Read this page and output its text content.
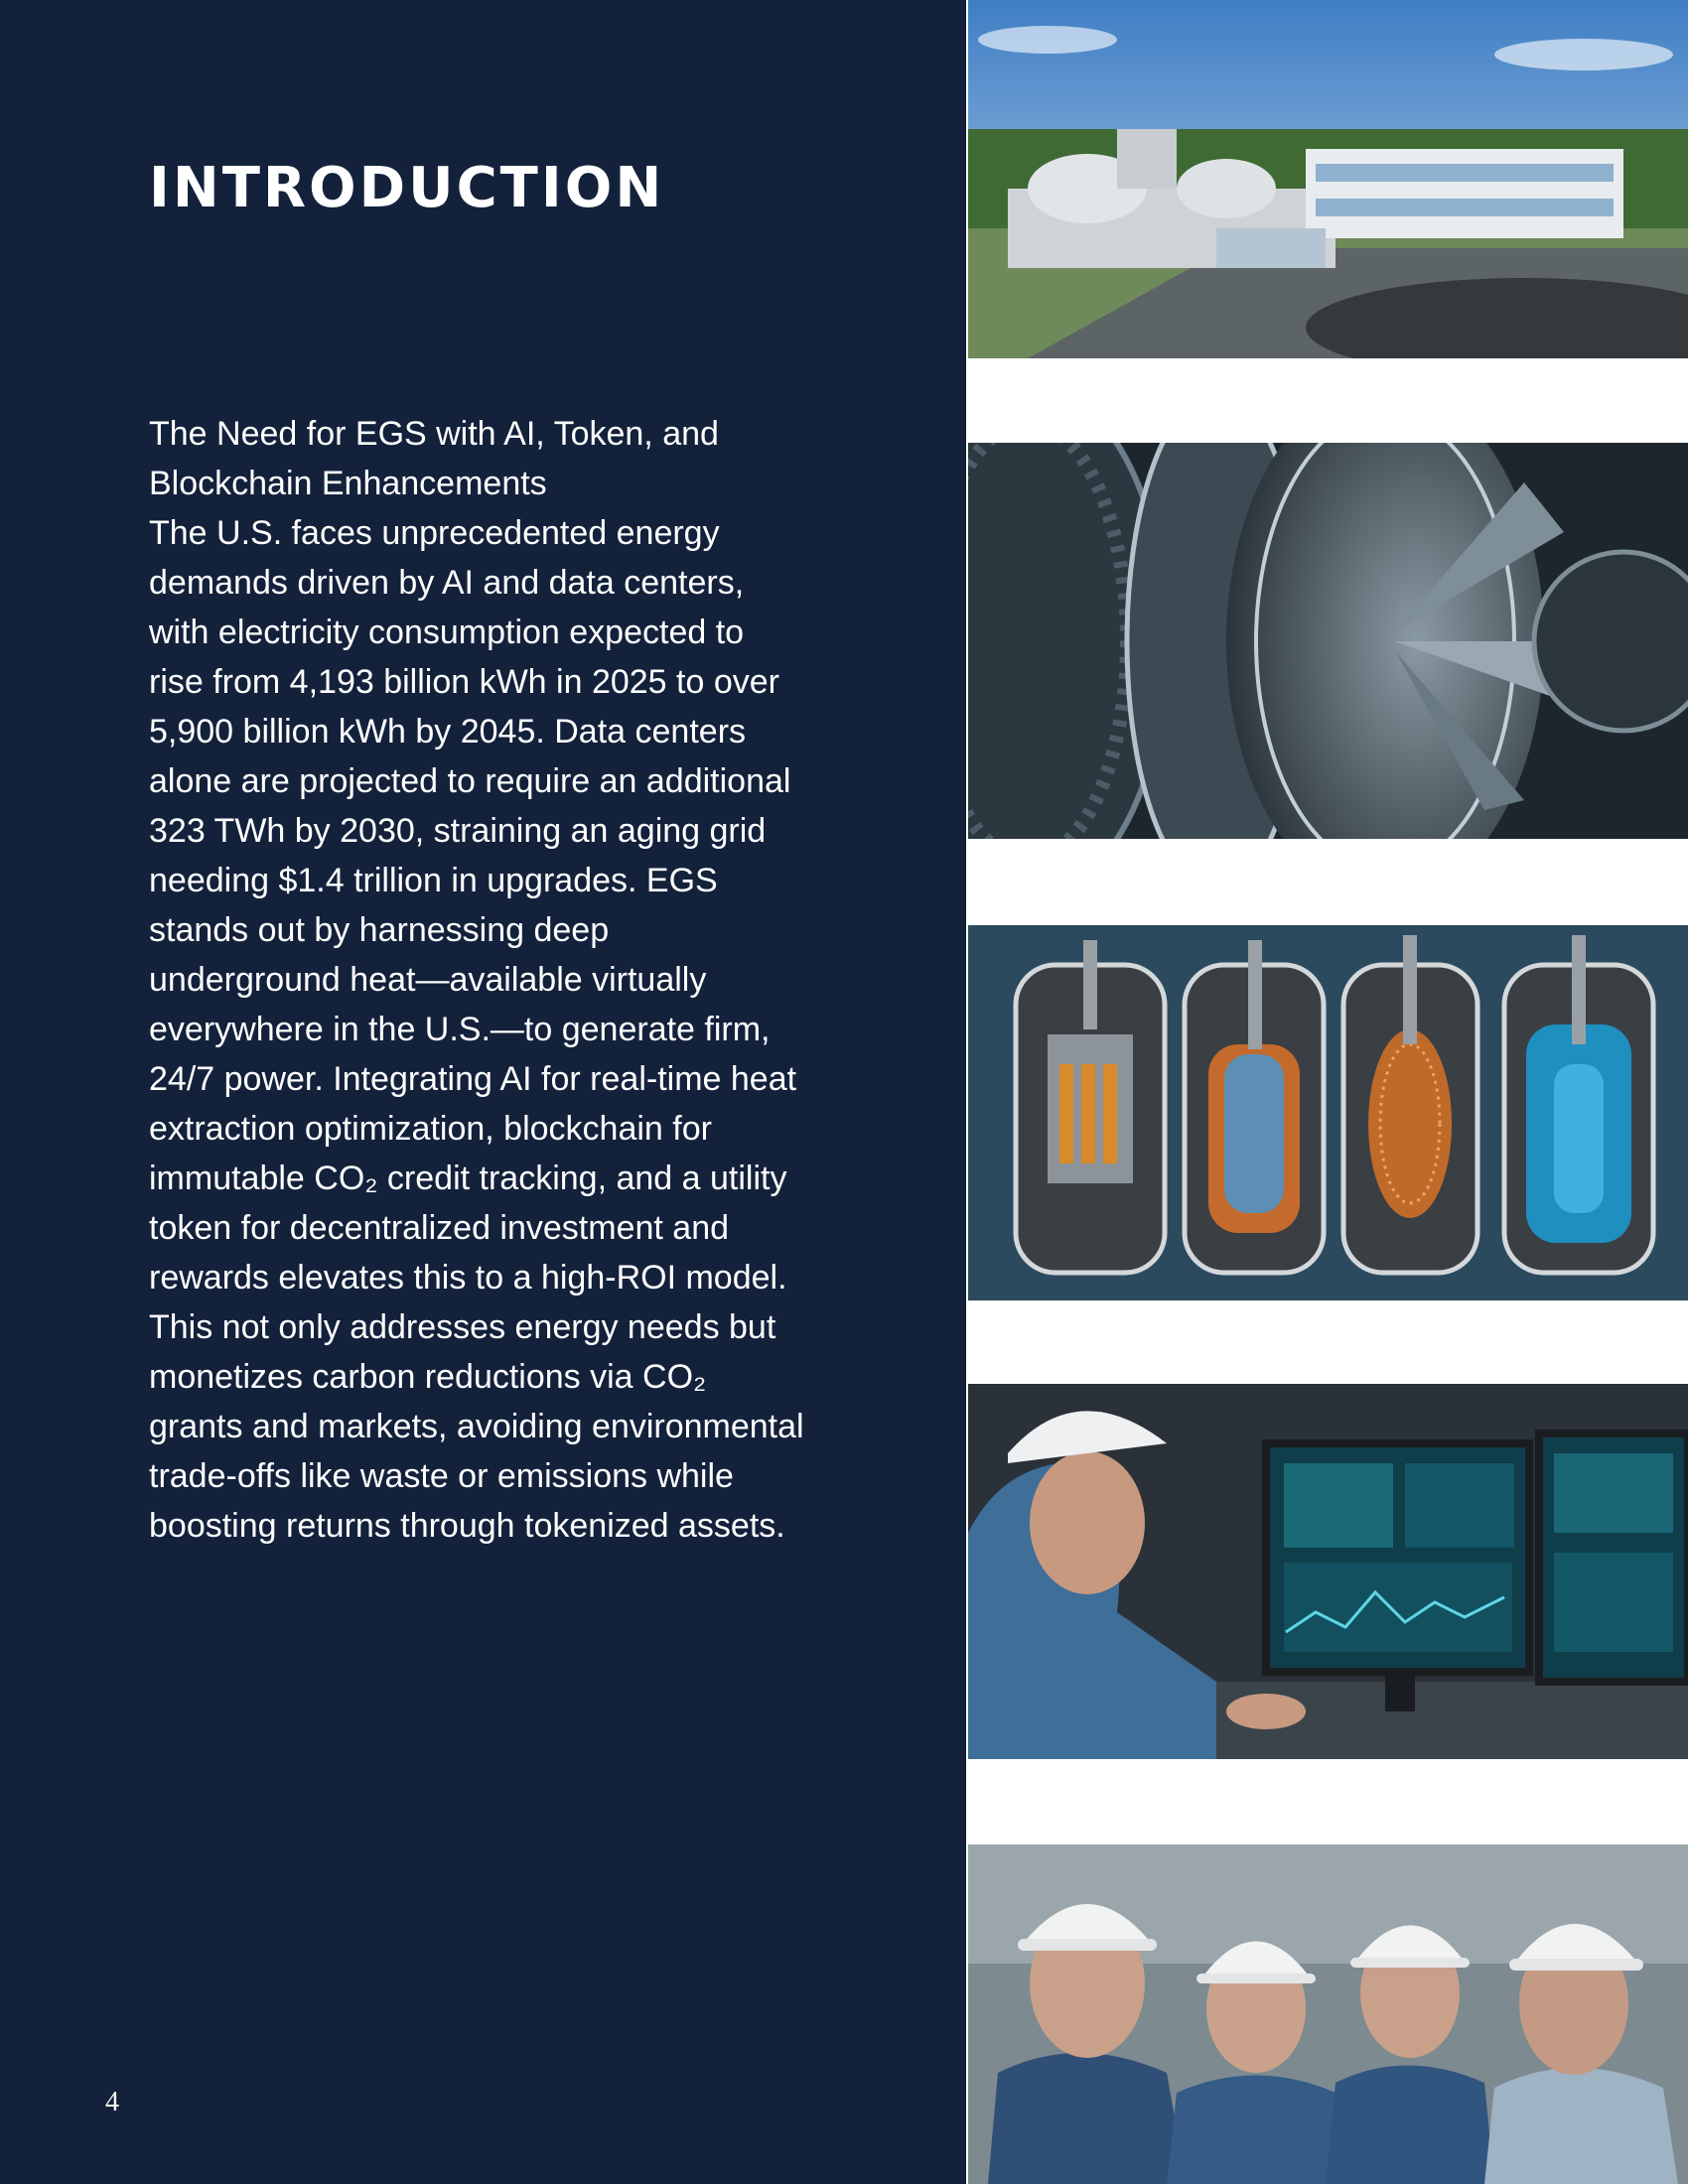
INTRODUCTION

The Need for EGS with AI, Token, and Blockchain Enhancements

The U.S. faces unprecedented energy demands driven by AI and data centers, with electricity consumption expected to rise from 4,193 billion kWh in 2025 to over 5,900 billion kWh by 2045. Data centers alone are projected to require an additional 323 TWh by 2030, straining an aging grid needing $1.4 trillion in upgrades. EGS stands out by harnessing deep underground heat—available virtually everywhere in the U.S.—to generate firm, 24/7 power. Integrating AI for real-time heat extraction optimization, blockchain for immutable CO₂ credit tracking, and a utility token for decentralized investment and rewards elevates this to a high-ROI model. This not only addresses energy needs but monetizes carbon reductions via CO₂ grants and markets, avoiding environmental trade-offs like waste or emissions while boosting returns through tokenized assets.

4
